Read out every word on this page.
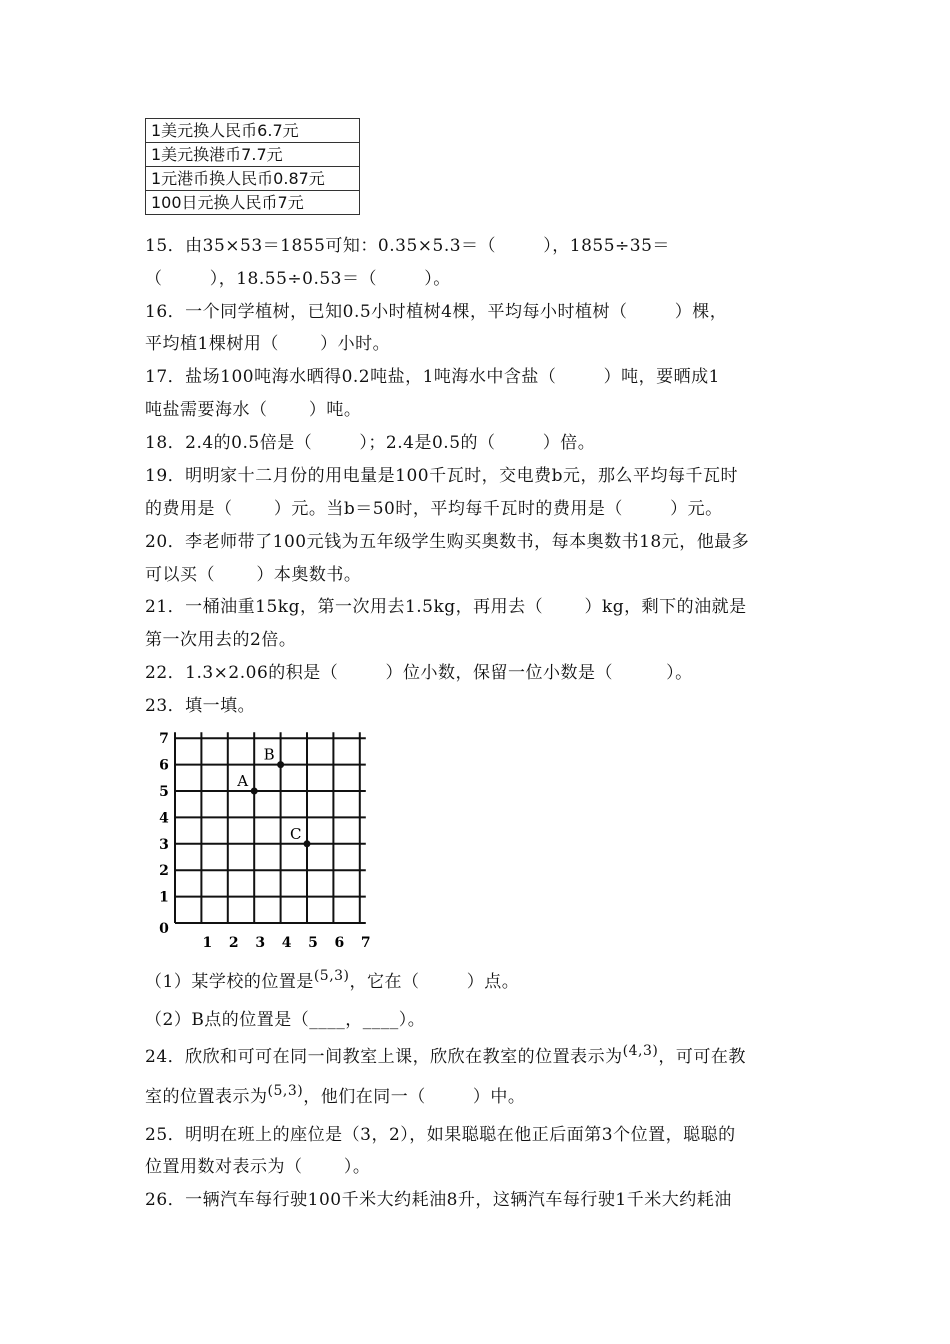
1美元换人民币6.7元
1美元换港币7.7元
1元港币换人民币0.87元
100日元换人民币7元
15．由35×53＝1855可知：0.35×5.3＝（        ），1855÷35＝
（        ），18.55÷0.53＝（        ）。
16．一个同学植树，已知0.5小时植树4棵，平均每小时植树（        ）棵，
平均植1棵树用（       ）小时。
17．盐场100吨海水晒得0.2吨盐，1吨海水中含盐（        ）吨，要晒成1
吨盐需要海水（       ）吨。
18．2.4的0.5倍是（        ）；2.4是0.5的（        ）倍。
19．明明家十二月份的用电量是100千瓦时，交电费b元，那么平均每千瓦时
的费用是（       ）元。当b＝50时，平均每千瓦时的费用是（        ）元。
20．李老师带了100元钱为五年级学生购买奥数书，每本奥数书18元，他最多
可以买（       ）本奥数书。
21．一桶油重15kg，第一次用去1.5kg，再用去（       ）kg，剩下的油就是
第一次用去的2倍。
22．1.3×2.06的积是（        ）位小数，保留一位小数是（         ）。
23．填一填。
1 2 3 4 5 6 7
1
2
3
4
5
6
7
0
A
B
C
（1）某学校的位置是$^{(5,3)}$，它在（        ）点。
（2）B点的位置是（____，____）。
24．欣欣和可可在同一间教室上课，欣欣在教室的位置表示为$^{(4,3)}$，可可在教
室的位置表示为$^{(5,3)}$，他们在同一（        ）中。
25．明明在班上的座位是（3，2），如果聪聪在他正后面第3个位置，聪聪的
位置用数对表示为（       ）。
26．一辆汽车每行驶100千米大约耗油8升，这辆汽车每行驶1千米大约耗油
